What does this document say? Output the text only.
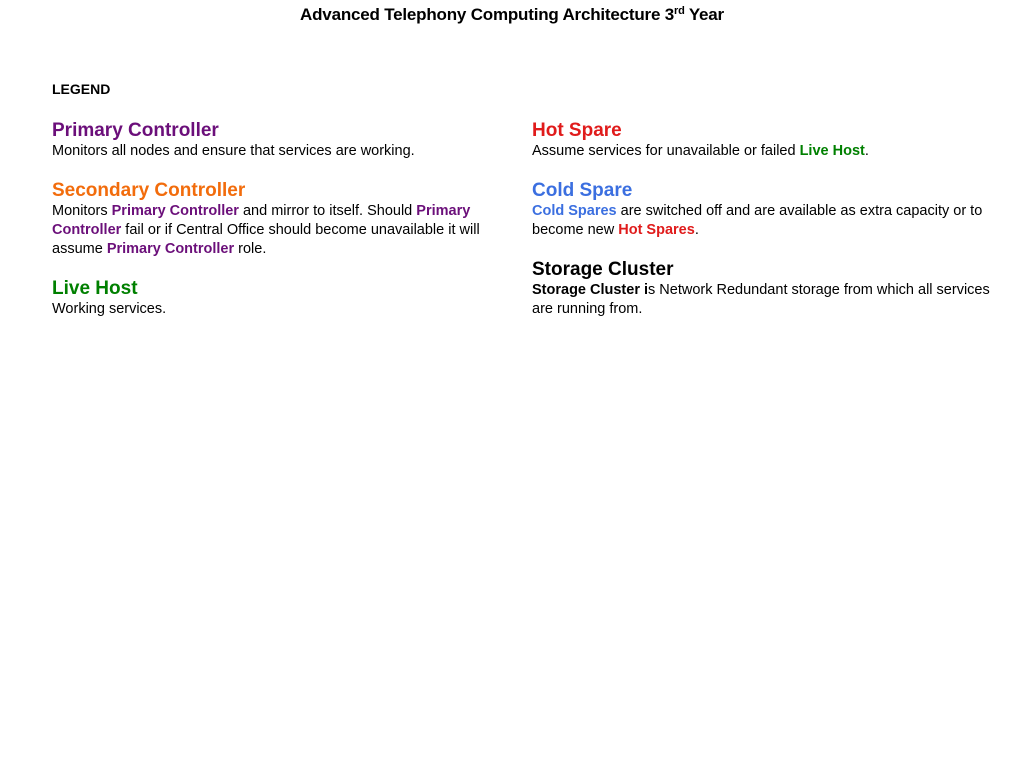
Advanced Telephony Computing Architecture 3rd Year
LEGEND
Primary Controller

Monitors all nodes and ensure that services are working.

Secondary Controller

Monitors Primary Controller and mirror to itself. Should Primary Controller fail or if Central Office should become unavailable it will assume Primary Controller role.

Live Host

Working services.

Hot Spare

Assume services for unavailable or failed Live Host.

Cold Spare

Cold Spares are switched off and are available as extra capacity or to become new Hot Spares.

Storage Cluster

Storage Cluster is Network Redundant storage from which all services are running from.
